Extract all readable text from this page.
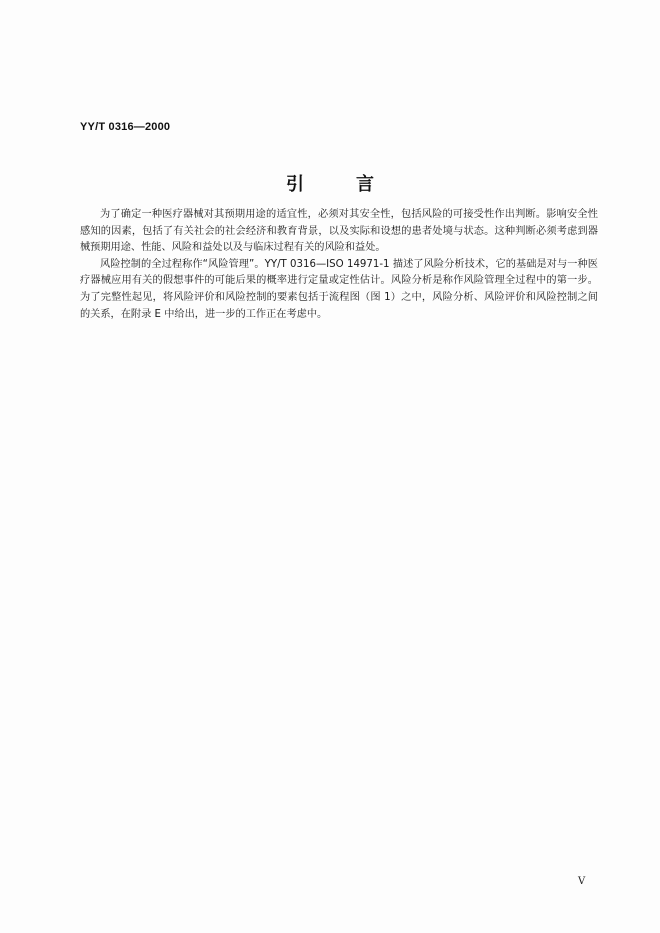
YY/T 0316—2000
引	言

为了确定一种医疗器械对其预期用途的适宜性，必须对其安全性，包括风险的可接受性作出判断。影响安全性感知的因素，包括了有关社会的社会经济和教育背景，以及实际和设想的患者处境与状态。这种判断必须考虑到器械预期用途、性能、风险和益处以及与临床过程有关的风险和益处。

风险控制的全过程称作“风险管理”。YY/T 0316—ISO 14971-1 描述了风险分析技术，它的基础是对与一种医疗器械应用有关的假想事件的可能后果的概率进行定量或定性估计。风险分析是称作风险管理全过程中的第一步。为了完整性起见，将风险评价和风险控制的要素包括于流程图（图 1）之中，风险分析、风险评价和风险控制之间的关系，在附录 E 中给出，进一步的工作正在考虑中。

V
